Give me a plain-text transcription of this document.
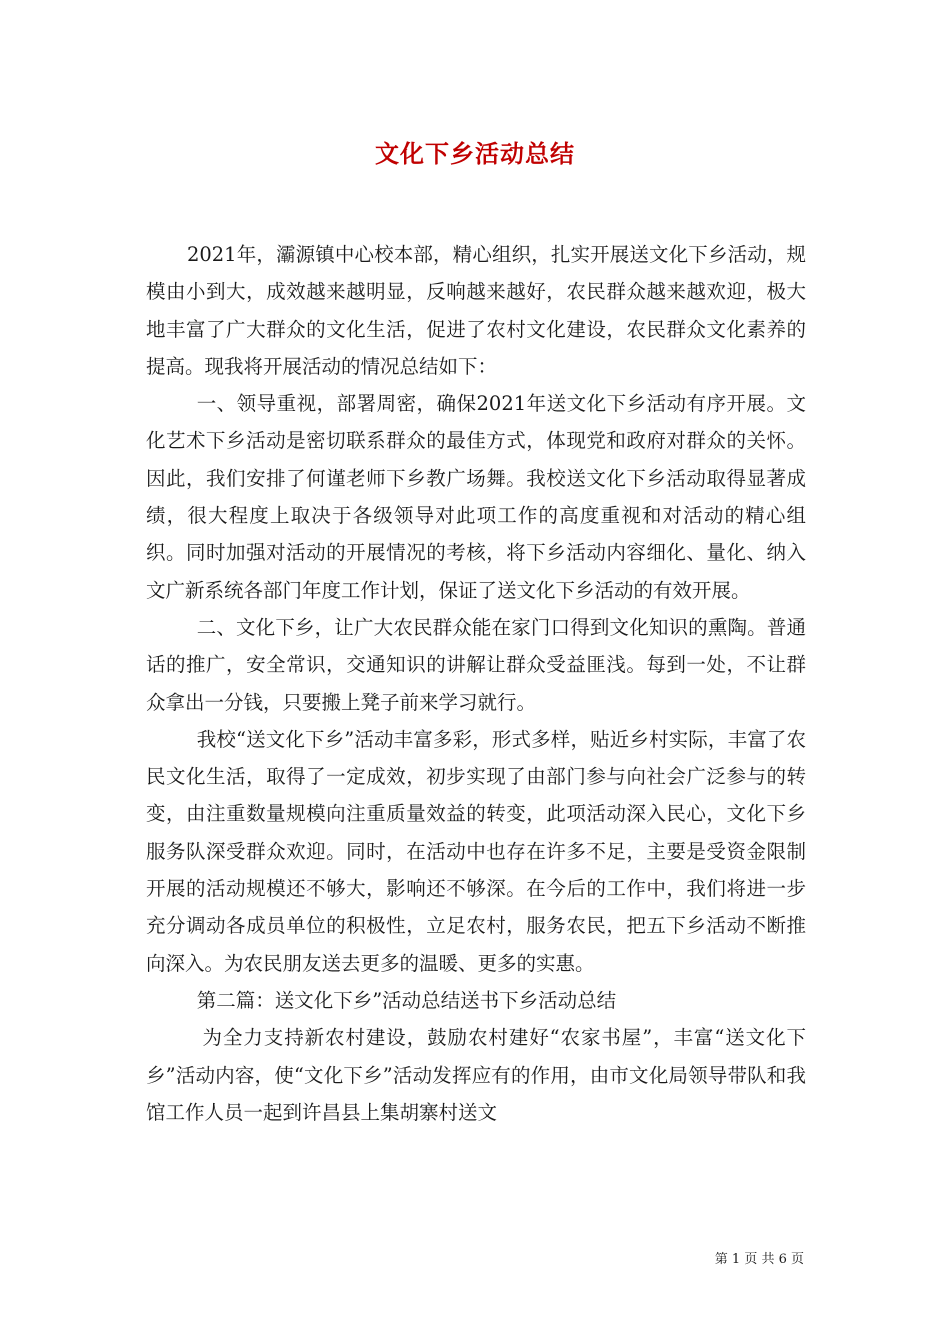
文化下乡活动总结

2021年，灞源镇中心校本部，精心组织，扎实开展送文化下乡活动，规模由小到大，成效越来越明显，反响越来越好，农民群众越来越欢迎，极大地丰富了广大群众的文化生活，促进了农村文化建设，农民群众文化素养的提高。现我将开展活动的情况总结如下：

一、领导重视，部署周密，确保2021年送文化下乡活动有序开展。文化艺术下乡活动是密切联系群众的最佳方式，体现党和政府对群众的关怀。因此，我们安排了何谨老师下乡教广场舞。我校送文化下乡活动取得显著成绩，很大程度上取决于各级领导对此项工作的高度重视和对活动的精心组织。同时加强对活动的开展情况的考核，将下乡活动内容细化、量化、纳入文广新系统各部门年度工作计划，保证了送文化下乡活动的有效开展。

二、文化下乡，让广大农民群众能在家门口得到文化知识的熏陶。普通话的推广，安全常识，交通知识的讲解让群众受益匪浅。每到一处，不让群众拿出一分钱，只要搬上凳子前来学习就行。

我校“送文化下乡”活动丰富多彩，形式多样，贴近乡村实际，丰富了农民文化生活，取得了一定成效，初步实现了由部门参与向社会广泛参与的转变，由注重数量规模向注重质量效益的转变，此项活动深入民心，文化下乡服务队深受群众欢迎。同时，在活动中也存在许多不足，主要是受资金限制开展的活动规模还不够大，影响还不够深。在今后的工作中，我们将进一步充分调动各成员单位的积极性，立足农村，服务农民，把五下乡活动不断推向深入。为农民朋友送去更多的温暖、更多的实惠。

第二篇：送文化下乡”活动总结送书下乡活动总结

为全力支持新农村建设，鼓励农村建好“农家书屋”，丰富“送文化下乡”活动内容，使“文化下乡”活动发挥应有的作用，由市文化局领导带队和我馆工作人员一起到许昌县上集胡寨村送文

第 1 页 共 6 页
